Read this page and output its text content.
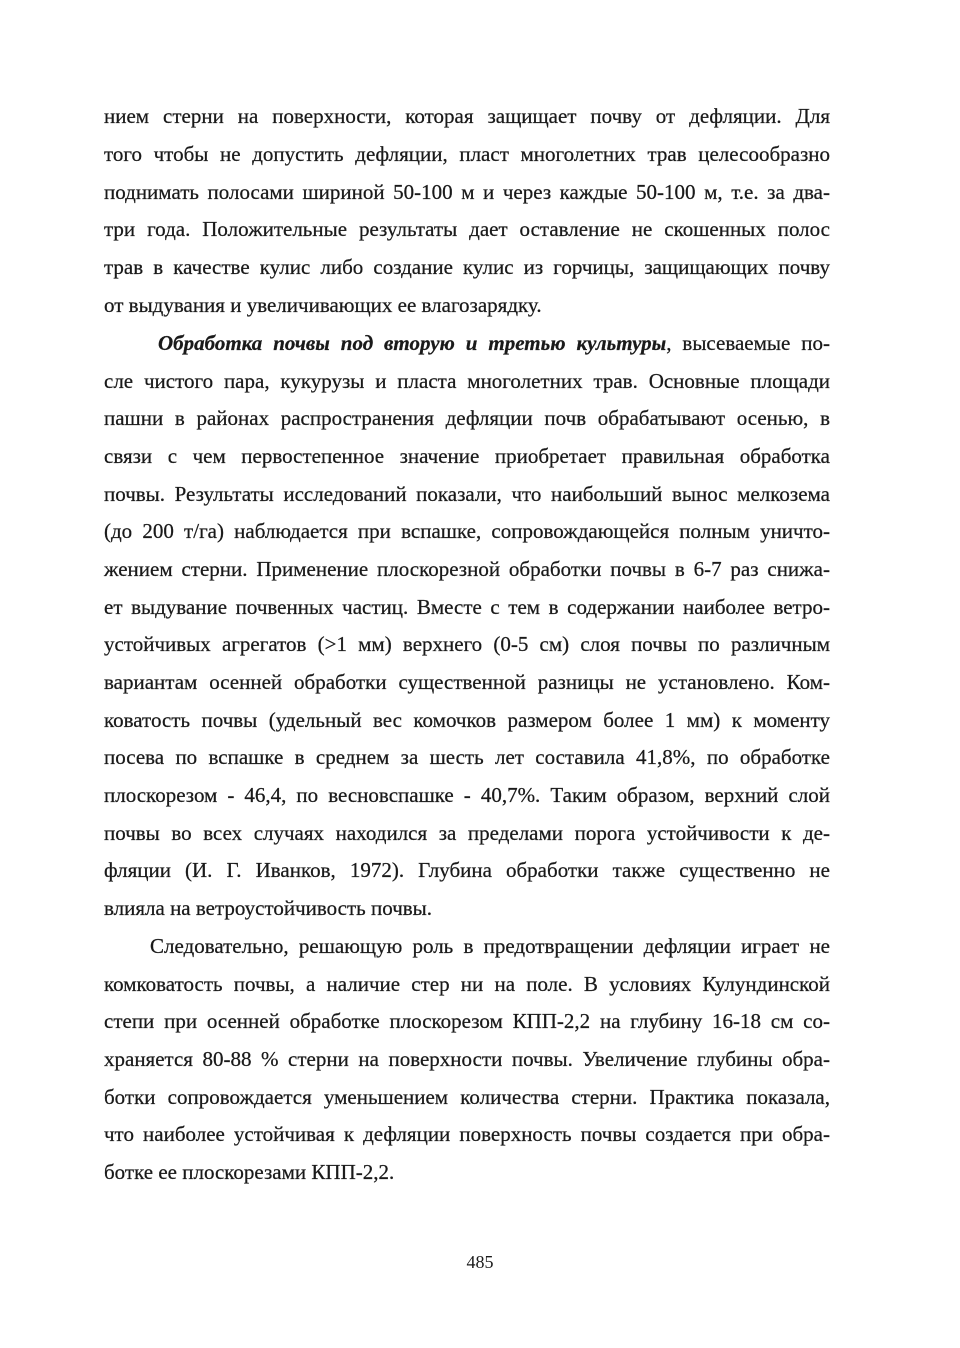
нием стерни на поверхности, которая защищает почву от дефляции. Для
того чтобы не допустить дефляции, пласт многолетних трав целесообразно
поднимать полосами шириной 50-100 м и через каждые 50-100 м, т.е. за два-
три года. Положительные результаты дает оставление не скошенных полос
трав в качестве кулис либо создание кулис из горчицы, защищающих почву
от выдувания и увеличивающих ее влагозарядку.
Обработка почвы под вторую и третью культуры, высеваемые по-
сле чистого пара, кукурузы и пласта многолетних трав. Основные площади
пашни в районах распространения дефляции почв обрабатывают осенью, в
связи с чем первостепенное значение приобретает правильная обработка
почвы. Результаты исследований показали, что наибольший вынос мелкозема
(до 200 т/га) наблюдается при вспашке, сопровождающейся полным уничто-
жением стерни. Применение плоскорезной обработки почвы в 6-7 раз снижа-
ет выдувание почвенных частиц. Вместе с тем в содержании наиболее ветро-
устойчивых агрегатов (>1 мм) верхнего (0-5 см) слоя почвы по различным
вариантам осенней обработки существенной разницы не установлено. Ком-
коватость почвы (удельный вес комочков размером более 1 мм) к моменту
посева по вспашке в среднем за шесть лет составила 41,8%, по обработке
плоскорезом - 46,4, по весновспашке - 40,7%. Таким образом, верхний слой
почвы во всех случаях находился за пределами порога устойчивости к де-
фляции (И. Г. Иванков, 1972). Глубина обработки также существенно не
влияла на ветроустойчивость почвы.
Следовательно, решающую роль в предотвращении дефляции играет не
комковатость почвы, а наличие стер ни на поле. В условиях Кулундинской
степи при осенней обработке плоскорезом КПП-2,2 на глубину 16-18 см со-
храняется 80-88 % стерни на поверхности почвы. Увеличение глубины обра-
ботки сопровождается уменьшением количества стерни. Практика показала,
что наиболее устойчивая к дефляции поверхность почвы создается при обра-
ботке ее плоскорезами КПП-2,2.
485
